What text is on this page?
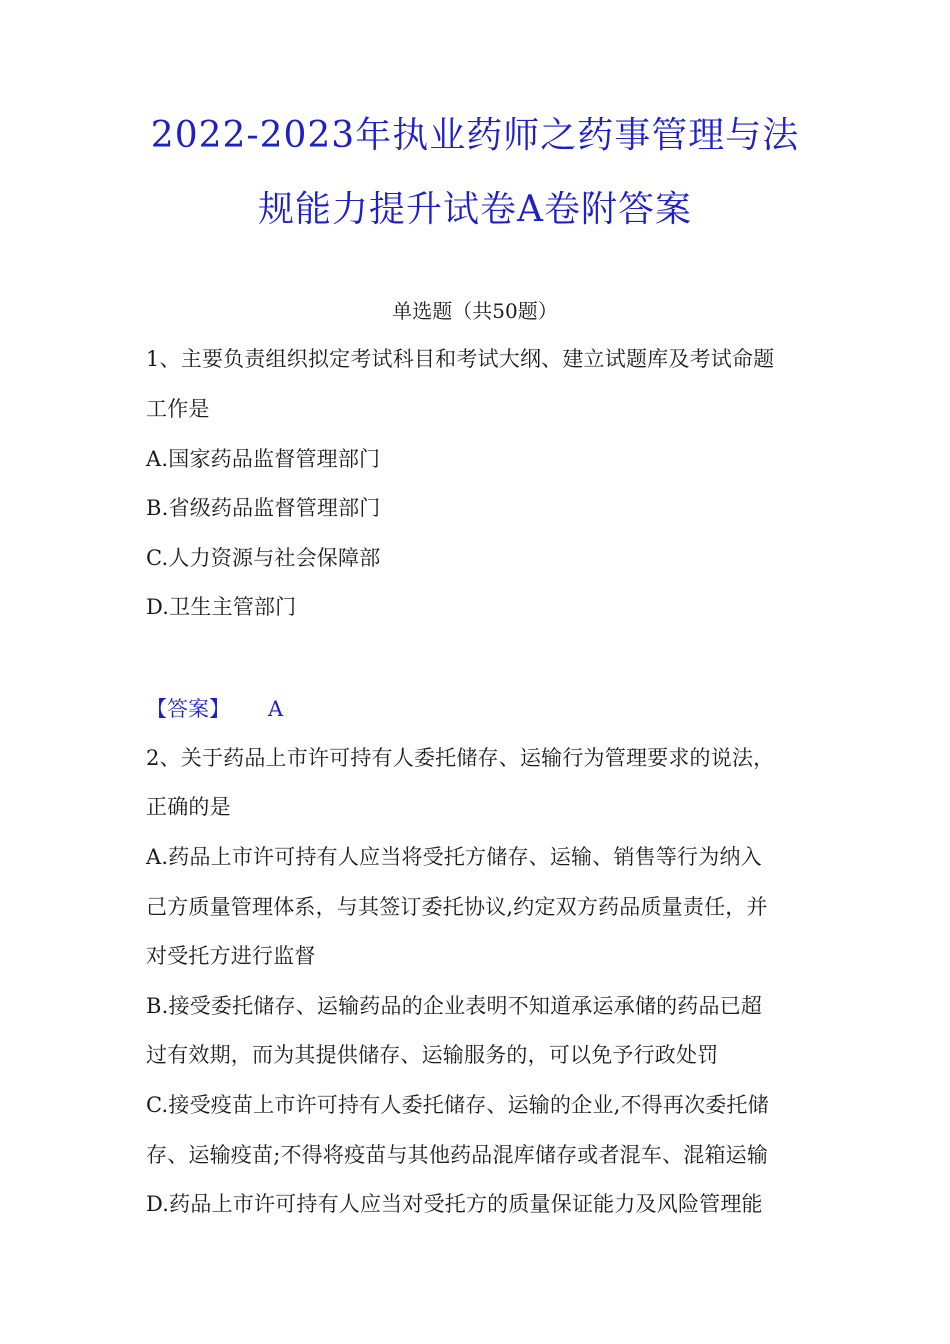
2022-2023年执业药师之药事管理与法
规能力提升试卷A卷附答案
单选题（共50题）
1、主要负责组织拟定考试科目和考试大纲、建立试题库及考试命题
工作是
A.国家药品监督管理部门
B.省级药品监督管理部门
C.人力资源与社会保障部
D.卫生主管部门
【答案】 A
2、关于药品上市许可持有人委托储存、运输行为管理要求的说法，
正确的是
A.药品上市许可持有人应当将受托方储存、运输、销售等行为纳入
己方质量管理体系，与其签订委托协议,约定双方药品质量责任，并
对受托方进行监督
B.接受委托储存、运输药品的企业表明不知道承运承储的药品已超
过有效期，而为其提供储存、运输服务的，可以免予行政处罚
C.接受疫苗上市许可持有人委托储存、运输的企业,不得再次委托储
存、运输疫苗;不得将疫苗与其他药品混库储存或者混车、混箱运输
D.药品上市许可持有人应当对受托方的质量保证能力及风险管理能
